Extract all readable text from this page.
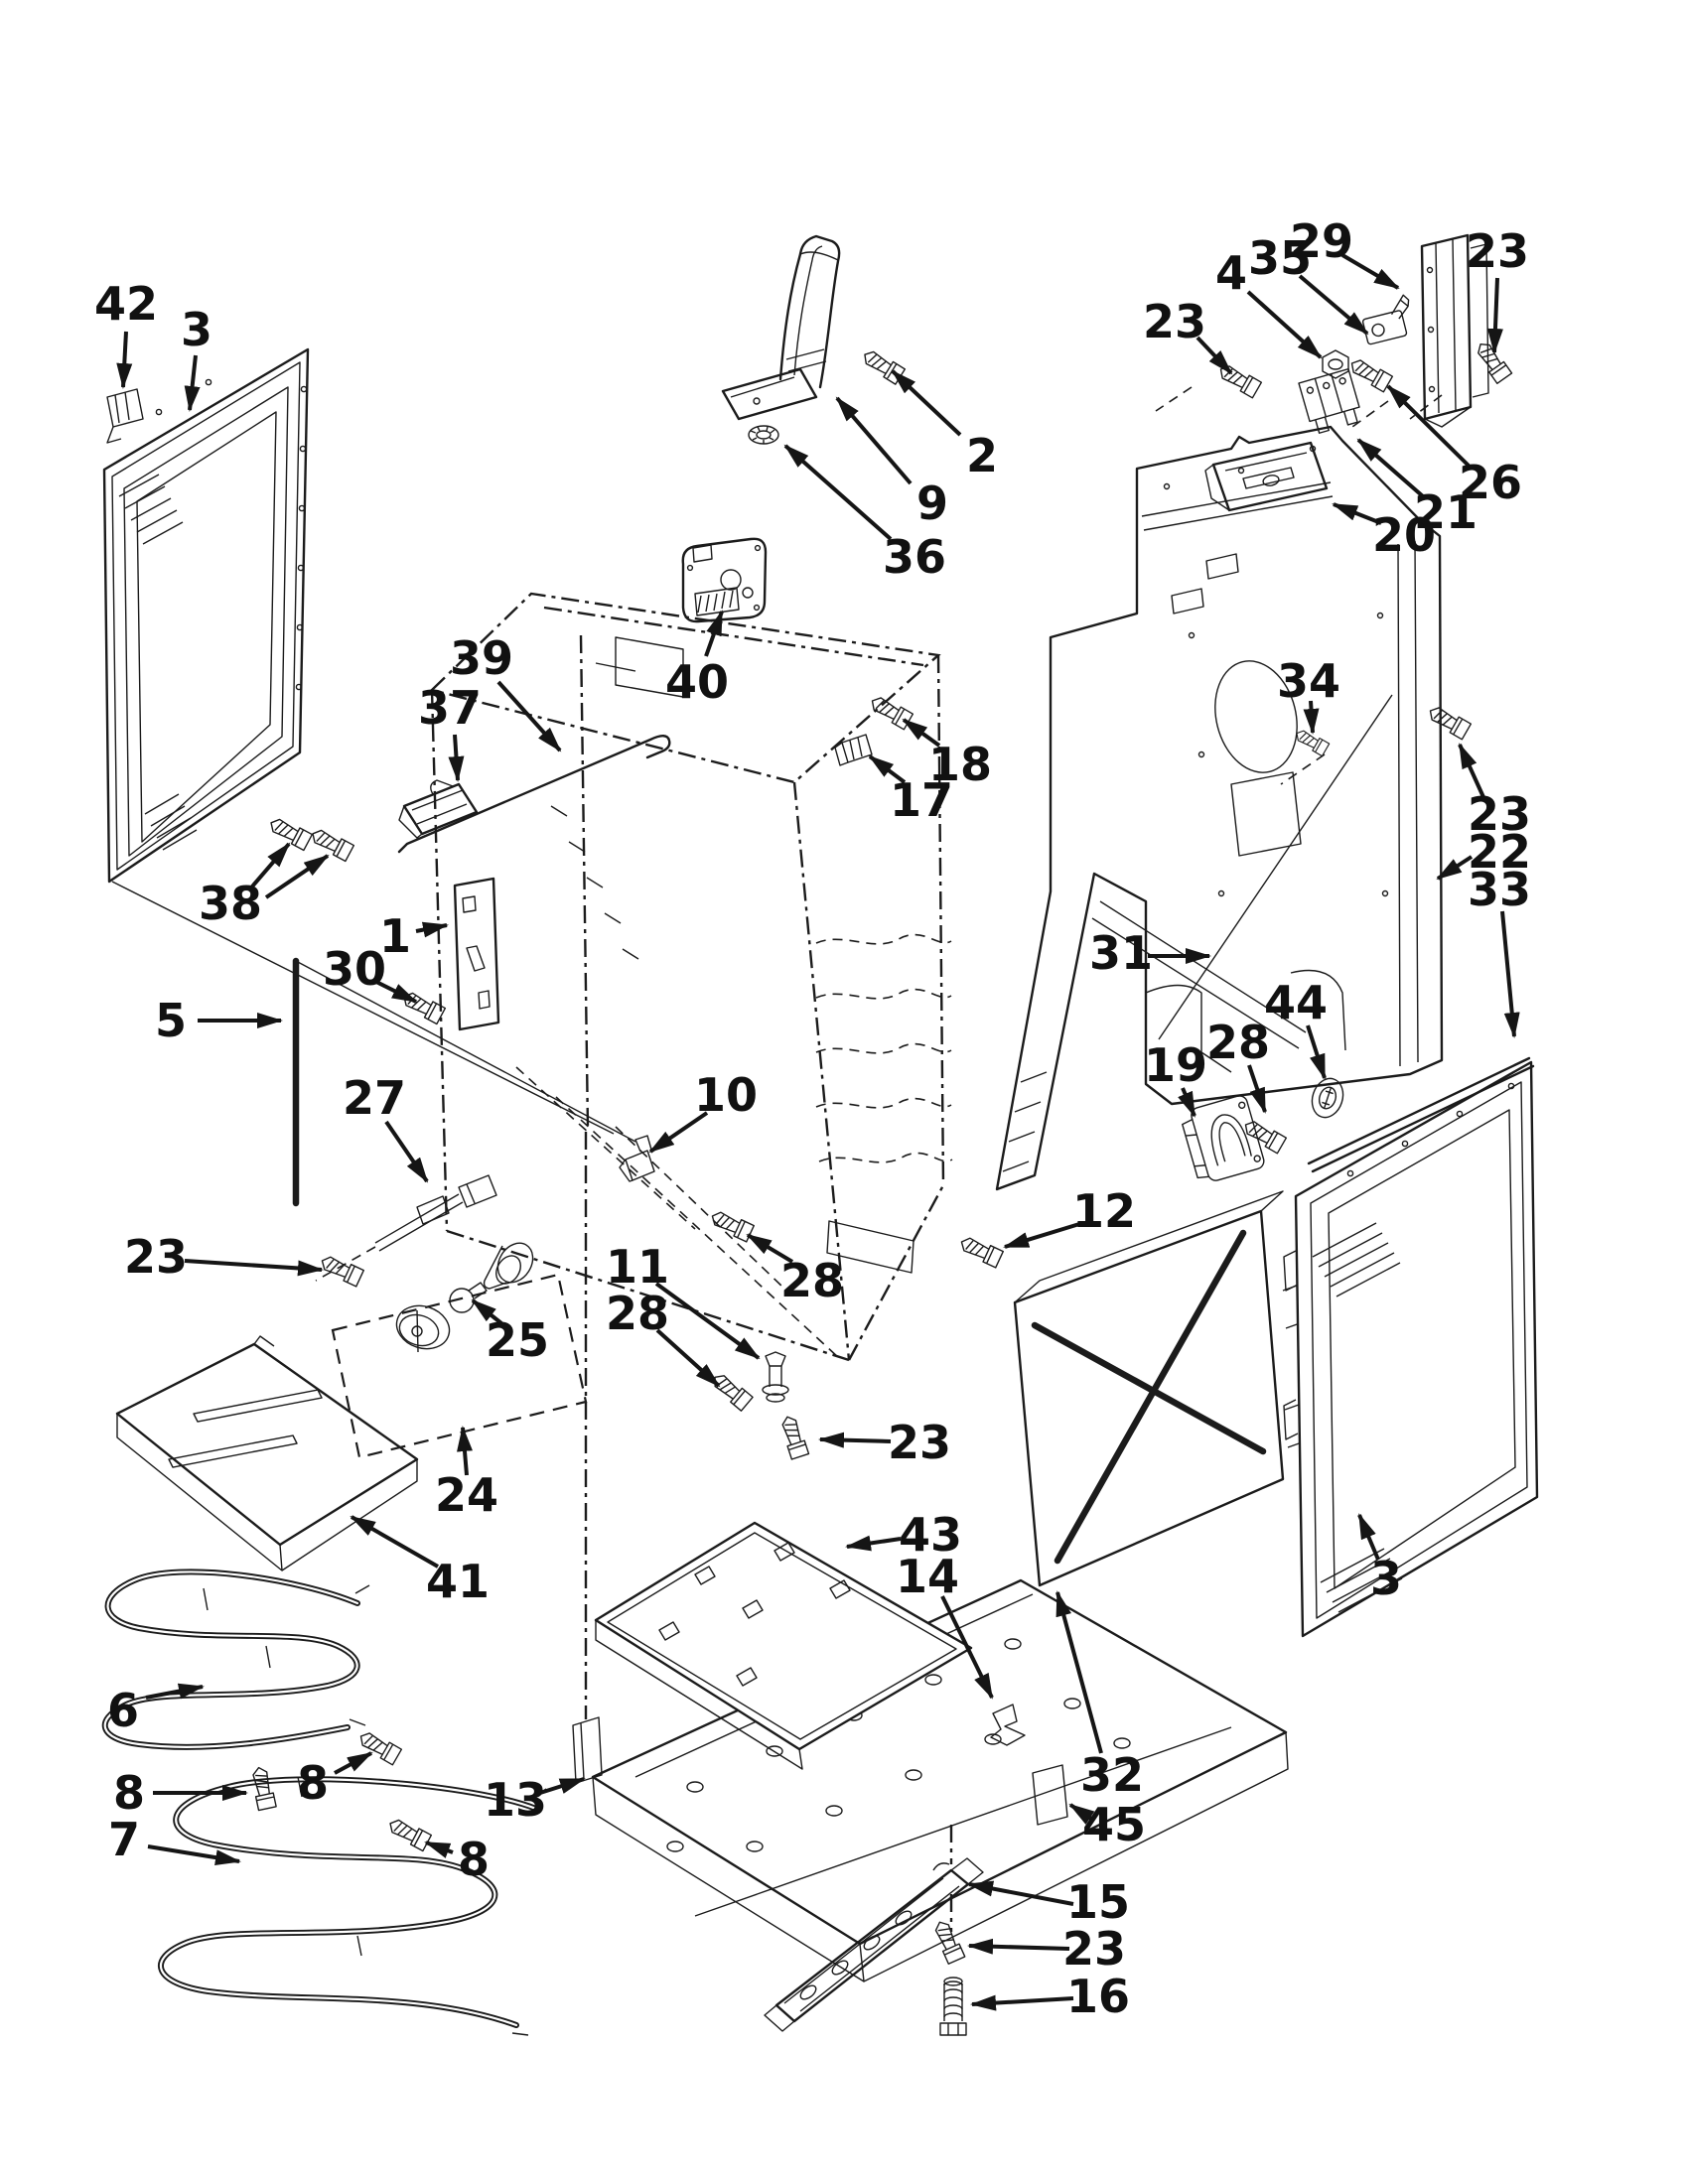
42 3
2
9
36
40
23
4 35
29 23
26
21
20
37
39
38
1
30
5
27
23
10
25
24
41
11 28
28
23
12
31
34
19
28
44
23
22
33
3
43
14
32
45
15
23
16
13
6
8	8
7	8
17
18
